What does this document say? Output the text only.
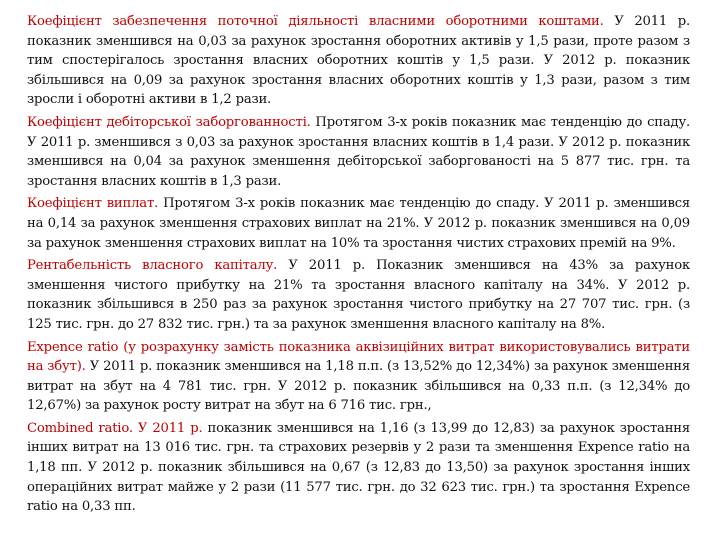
Коефіцієнт забезпечення поточної діяльності власними оборотними коштами. У 2011 р. показник зменшився на 0,03 за рахунок зростання оборотних активів у 1,5 рази, проте разом з тим спостерігалось зростання власних оборотних коштів у 1,5 рази. У 2012 р. показник збільшився на 0,09 за рахунок зростання власних оборотних коштів у 1,3 рази, разом з тим зросли і оборотні активи в 1,2 рази.

Коефіцієнт дебіторської заборгованності. Протягом 3-х років показник має тенденцію до спаду. У 2011 р. зменшився з 0,03 за рахунок зростання власних коштів в 1,4 рази. У 2012 р. показник зменшився на 0,04 за рахунок зменшення дебіторської заборгованості на 5 877 тис. грн. та зростання власних коштів в 1,3 рази.

Коефіцієнт виплат. Протягом 3-х років показник має тенденцію до спаду. У 2011 р. зменшився на 0,14 за рахунок зменшення страхових виплат на 21%. У 2012 р. показник зменшився на 0,09 за рахунок зменшення страхових виплат на 10% та зростання чистих страхових премій на 9%.

Рентабельність власного капіталу. У 2011 р. Показник зменшився на 43% за рахунок зменшення чистого прибутку на 21% та зростання власного капіталу на 34%. У 2012 р. показник збільшився в 250 раз за рахунок зростання чистого прибутку на 27 707 тис. грн. (з 125 тис. грн. до 27 832 тис. грн.) та за рахунок зменшення власного капіталу на 8%.

Expence ratio (у розрахунку замість показника аквізиційних витрат використовувались витрати на збут). У 2011 р. показник зменшився на 1,18 п.п. (з 13,52% до 12,34%) за рахунок зменшення витрат на збут на 4 781 тис. грн. У 2012 р. показник збільшився на 0,33 п.п. (з 12,34% до 12,67%) за рахунок росту витрат на збут на 6 716 тис. грн.,

Combined ratio. У 2011 р. показник зменшився на 1,16 (з 13,99 до 12,83) за рахунок зростання інших витрат на 13 016 тис. грн. та страхових резервів у 2 рази та зменшення Expence ratio на 1,18 пп. У 2012 р. показник збільшився на 0,67 (з 12,83 до 13,50) за рахунок зростання інших операційних витрат майже у 2 рази (11 577 тис. грн. до 32 623 тис. грн.) та зростання Expence ratio на 0,33 пп.
